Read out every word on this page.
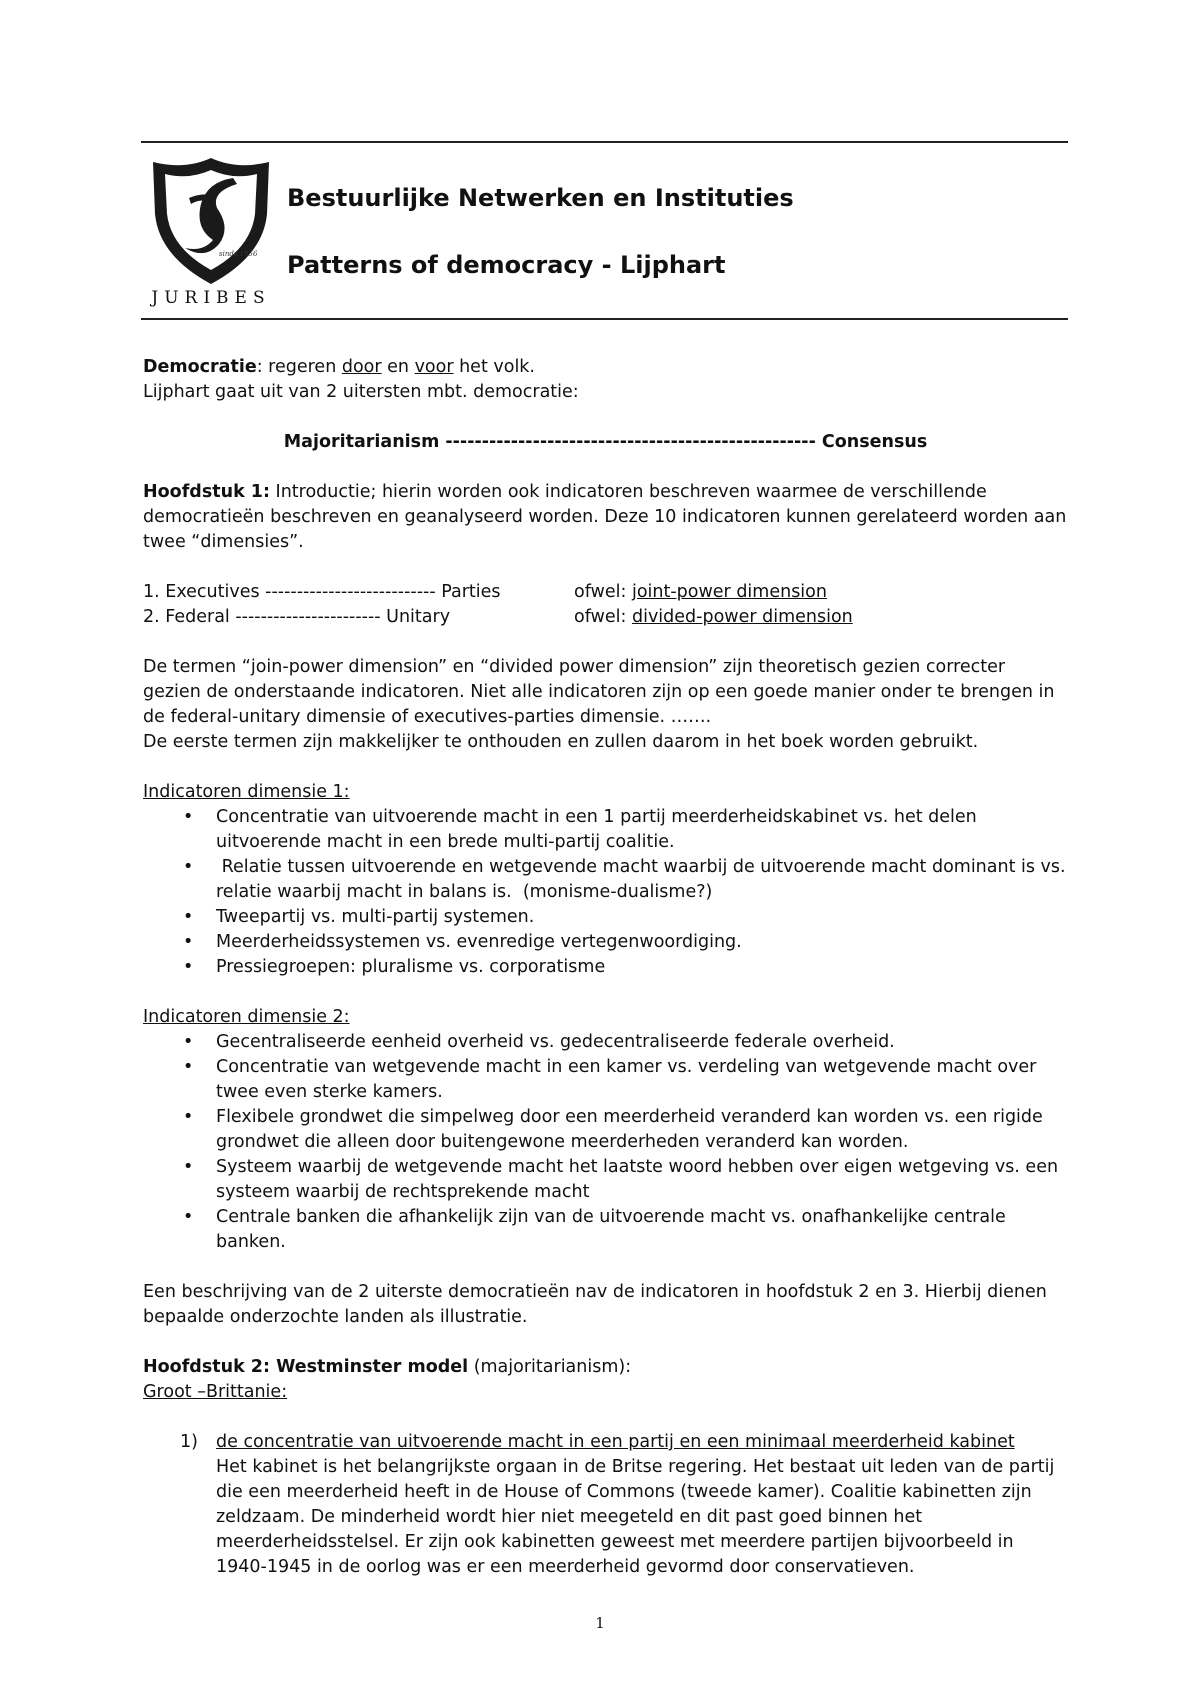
sinds 1956
JURIBES
Bestuurlijke Netwerken en Instituties
Patterns of democracy - Lijphart

Democratie: regeren door en voor het volk.

Lijphart gaat uit van 2 uitersten mbt. democratie:

Majoritarianism --------------------------------------------------- Consensus

Hoofdstuk 1: Introductie; hierin worden ook indicatoren beschreven waarmee de verschillende democratieën beschreven en geanalyseerd worden. Deze 10 indicatoren kunnen gerelateerd worden aan twee “dimensies”.

1. Executives --------------------------- Parties	ofwel: joint-power dimension
2. Federal ----------------------- Unitary	ofwel: divided-power dimension

De termen “join-power dimension” en “divided power dimension” zijn theoretisch gezien correcter gezien de onderstaande indicatoren. Niet alle indicatoren zijn op een goede manier onder te brengen in de federal-unitary dimensie of executives-parties dimensie. …….

De eerste termen zijn makkelijker te onthouden en zullen daarom in het boek worden gebruikt.

Indicatoren dimensie 1:

• Concentratie van uitvoerende macht in een 1 partij meerderheidskabinet vs. het delen uitvoerende macht in een brede multi-partij coalitie.
• Relatie tussen uitvoerende en wetgevende macht waarbij de uitvoerende macht dominant is vs. relatie waarbij macht in balans is.  (monisme-dualisme?)
• Tweepartij vs. multi-partij systemen.
• Meerderheidssystemen vs. evenredige vertegenwoordiging.
• Pressiegroepen: pluralisme vs. corporatisme

Indicatoren dimensie 2:

• Gecentraliseerde eenheid overheid vs. gedecentraliseerde federale overheid.
• Concentratie van wetgevende macht in een kamer vs. verdeling van wetgevende macht over twee even sterke kamers.
• Flexibele grondwet die simpelweg door een meerderheid veranderd kan worden vs. een rigide grondwet die alleen door buitengewone meerderheden veranderd kan worden.
• Systeem waarbij de wetgevende macht het laatste woord hebben over eigen wetgeving vs. een systeem waarbij de rechtsprekende macht
• Centrale banken die afhankelijk zijn van de uitvoerende macht vs. onafhankelijke centrale banken.

Een beschrijving van de 2 uiterste democratieën nav de indicatoren in hoofdstuk 2 en 3. Hierbij dienen bepaalde onderzochte landen als illustratie.

Hoofdstuk 2: Westminster model (majoritarianism):

Groot –Brittanie:

1) de concentratie van uitvoerende macht in een partij en een minimaal meerderheid kabinet

Het kabinet is het belangrijkste orgaan in de Britse regering. Het bestaat uit leden van de partij die een meerderheid heeft in de House of Commons (tweede kamer). Coalitie kabinetten zijn zeldzaam. De minderheid wordt hier niet meegeteld en dit past goed binnen het meerderheidsstelsel. Er zijn ook kabinetten geweest met meerdere partijen bijvoorbeeld in 1940-1945 in de oorlog was er een meerderheid gevormd door conservatieven.

1
